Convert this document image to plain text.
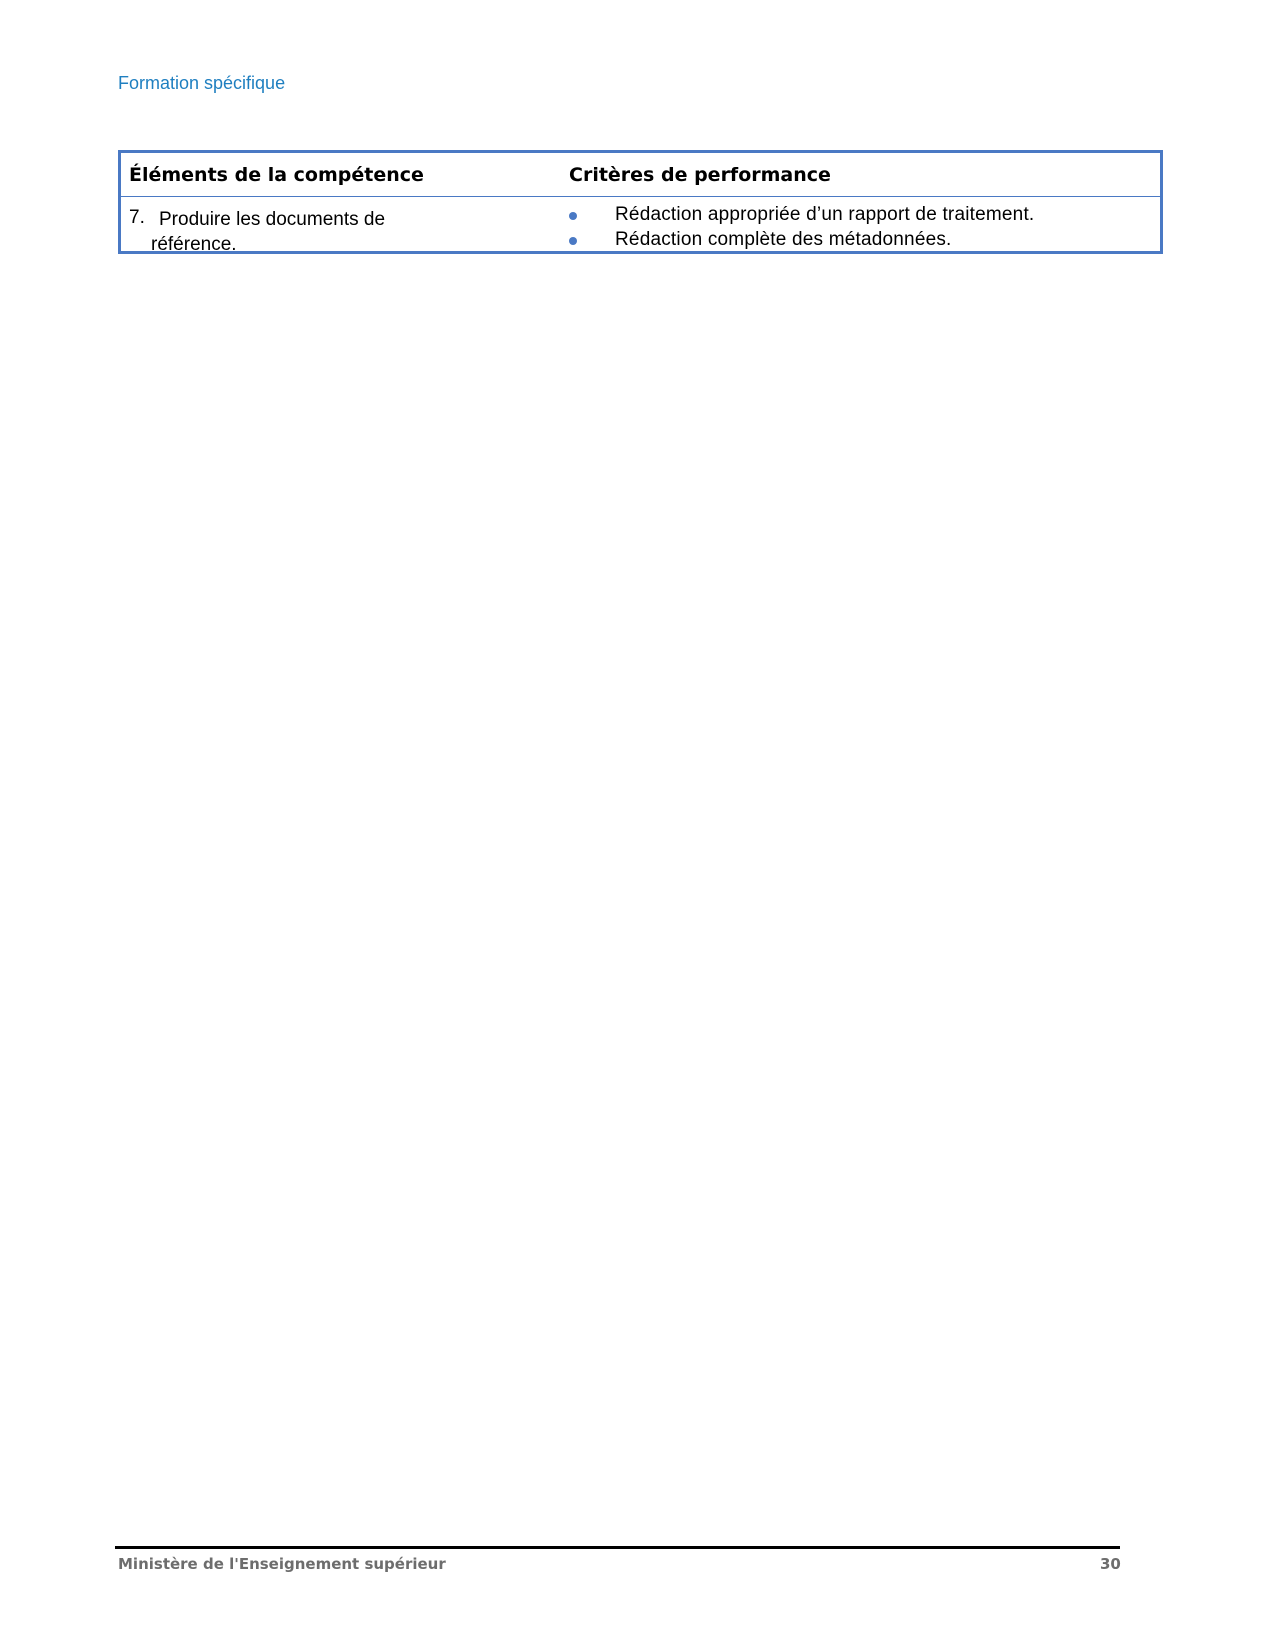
Formation spécifique
Éléments de la compétence	Critères de performance
7. Produire les documents de
référence.
Rédaction appropriée d’un rapport de traitement.
Rédaction complète des métadonnées.
Ministère de l'Enseignement supérieur	30
